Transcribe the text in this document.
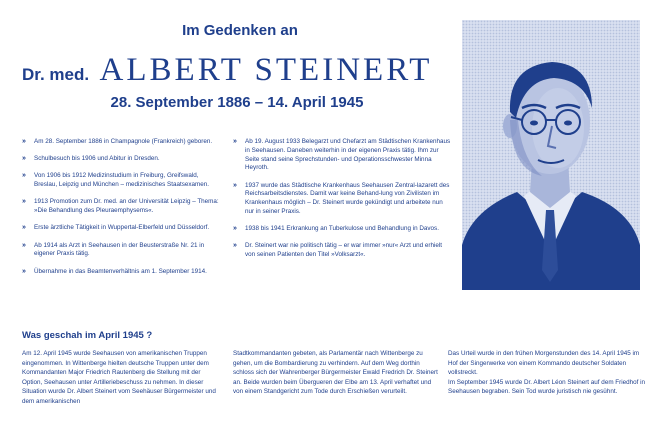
Im Gedenken an
Dr. med. ALBERT STEINERT
28. September 1886 – 14. April 1945
» Am 28. September 1886 in Champagnole (Frankreich) geboren.
» Schulbesuch bis 1906 und Abitur in Dresden.
» Von 1906 bis 1912 Medizinstudium in Freiburg, Greifswald, Breslau, Leipzig und München – medizinisches Staatsexamen.
» 1913 Promotion zum Dr. med. an der Universität Leipzig – Thema: »Die Behandlung des Pleuraemphysems«.
» Erste ärztliche Tätigkeit in Wuppertal-Elberfeld und Düsseldorf.
» Ab 1914 als Arzt in Seehausen in der Beusterstraße Nr. 21 in eigener Praxis tätig.
» Übernahme in das Beamtenverhältnis am 1. September 1914.
» Ab 19. August 1933 Belegarzt und Chefarzt am Städtischen Krankenhaus in Seehausen. Daneben weiterhin in der eigenen Praxis tätig. Ihm zur Seite stand seine Sprechstunden- und Operationsschwester Minna Heyroth.
» 1937 wurde das Städtische Krankenhaus Seehausen Zentral-lazarett des Reichsarbeitsdienstes. Damit war keine Behand-lung von Zivilisten im Krankenhaus möglich – Dr. Steinert wurde gekündigt und arbeitete nun nur in seiner Praxis.
» 1938 bis 1941 Erkrankung an Tuberkulose und Behandlung in Davos.
» Dr. Steinert war nie politisch tätig – er war immer »nur« Arzt und erhielt von seinen Patienten den Titel »Volksarzt«.
Was geschah im April 1945 ?
Am 12. April 1945 wurde Seehausen von amerikanischen Truppen eingenommen. In Wittenberge hielten deutsche Truppen unter dem Kommandanten Major Friedrich Rautenberg die Stellung mit der Option, Seehausen unter Artilleriebeschuss zu nehmen. In dieser Situation wurde Dr. Albert Steinert vom Seehäuser Bürgermeister und dem amerikanischen
Stadtkommandanten gebeten, als Parlamentär nach Wittenberge zu gehen, um die Bombardierung zu verhindern. Auf dem Weg dorthin schloss sich der Wahrenberger Bürgermeister Ewald Fredrich Dr. Steinert an. Beide wurden beim Übergueren der Elbe am 13. April verhaftet und von einem Standgericht zum Tode durch Erschießen verurteilt.

Das Urteil wurde in den frühen Morgenstunden des 14. April 1945 im Hof der Singerwerke von einem Kommando deutscher Soldaten vollstreckt.

Im September 1945 wurde Dr. Albert Léon Steinert auf dem Friedhof in Seehausen begraben. Sein Tod wurde juristisch nie gesühnt.
